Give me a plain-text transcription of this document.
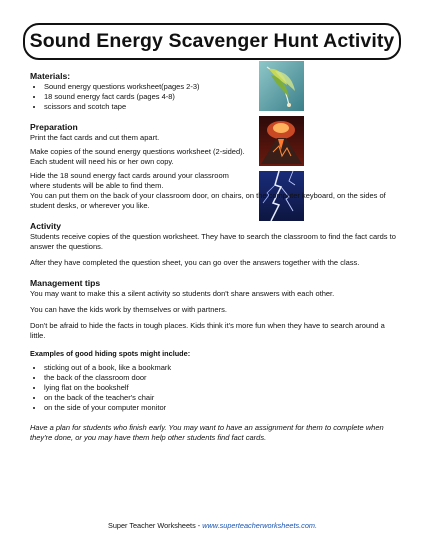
Sound Energy Scavenger Hunt Activity
Materials:
• Sound energy questions worksheet(pages 2-3)
• 18 sound energy fact cards (pages 4-8)
• scissors and scotch tape
Preparation

Print the fact cards and cut them apart.

Make copies of the sound energy questions worksheet (2-sided). Each student will need his or her own copy.

Hide the 18 sound energy fact cards around your classroom where students will be able to find them.

You can put them on the back of your classroom door, on chairs, on the computer keyboard, on the sides of student desks, or wherever you like.

Activity

Students receive copies of the question worksheet. They have to search the classroom to find the fact cards to answer the questions.

After they have completed the question sheet, you can go over the answers together with the class.

Management tips

You may want to make this a silent activity so students don't share answers with each other.

You can have the kids work by themselves or with partners.

Don't be afraid to hide the facts in tough places. Kids think it's more fun when they have to search around a little.

Examples of good hiding spots might include:

• sticking out of a book, like a bookmark
• the back of the classroom door
• lying flat on the bookshelf
• on the back of the teacher's chair
• on the side of your computer monitor

Have a plan for students who finish early. You may want to have an assignment for them to complete when they're done, or you may have them help other students find fact cards.

Super Teacher Worksheets - www.superteacherworksheets.com.
